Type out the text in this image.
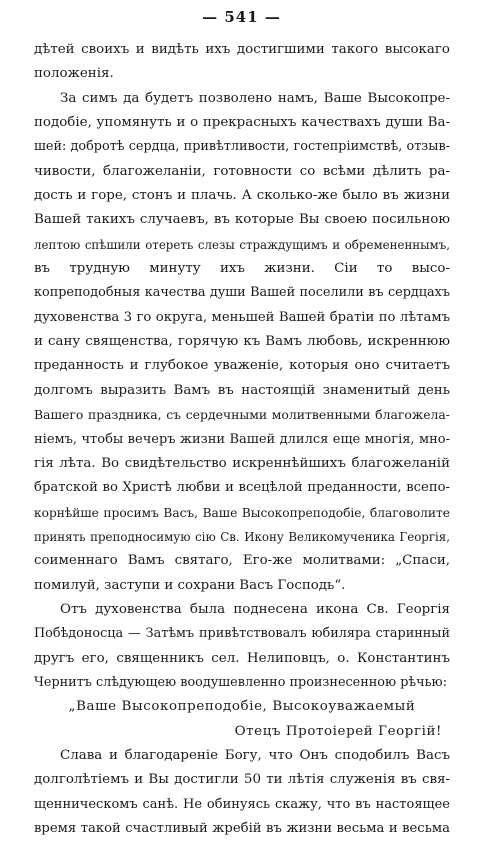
— 541 —
дѣтей своихъ и видѣть ихъ достигшими такого высокаго
положенія.
За симъ да будетъ позволено намъ, Ваше Высокопре-
подобіе, упомянуть и о прекрасныхъ качествахъ души Ва-
шей: добротѣ сердца, привѣтливости, гостепріимствѣ, отзыв-
чивости, благожеланіи, готовности со всѣми дѣлить ра-
дость и горе, стонъ и плачь. А сколько-же было въ жизни
Вашей такихъ случаевъ, въ которые Вы своею посильною
лептою спѣшили отереть слезы страждущимъ и обремененнымъ,
въ трудную минуту ихъ жизни. Сіи то высо-
копреподобныя качества души Вашей поселили въ сердцахъ
духовенства 3 го округа, меньшей Вашей братіи по лѣтамъ
и сану священства, горячую къ Вамъ любовь, искреннюю
преданность и глубокое уваженіе, которыя оно считаетъ
долгомъ выразить Вамъ въ настоящій знаменитый день
Вашего праздника, съ сердечными молитвенными благожела-
ніемъ, чтобы вечеръ жизни Вашей длился еще многія, мно-
гія лѣта. Во свидѣтельство искреннѣйшихъ благожеланій
братской во Христѣ любви и всецѣлой преданности, всепо-
корнѣйше просимъ Васъ, Ваше Высокопреподобіе, благоволите
принять преподносимую сію Св. Икону Великомученика Георгія,
соименнаго Вамъ святаго, Его-же молитвами: „Спаси,
помилуй, заступи и сохрани Васъ Господь“.
Отъ духовенства была поднесена икона Св. Георгія
Побѣдоносца — Затѣмъ привѣтствовалъ юбиляра старинный
другъ его, священникъ сел. Нелиповцъ, о. Константинъ
Чернитъ слѣдующею воодушевленно произнесенною рѣчью:
„Ваше Высокопреподобіе, Высокоуважаемый
Отецъ Протоіерей Георгій!
Слава и благодареніе Богу, что Онъ сподобилъ Васъ
долголѣтіемъ и Вы достигли 50 ти лѣтія служенія въ свя-
щенническомъ санѣ. Не обинуясь скажу, что въ настоящее
время такой счастливый жребій въ жизни весьма и весьма
